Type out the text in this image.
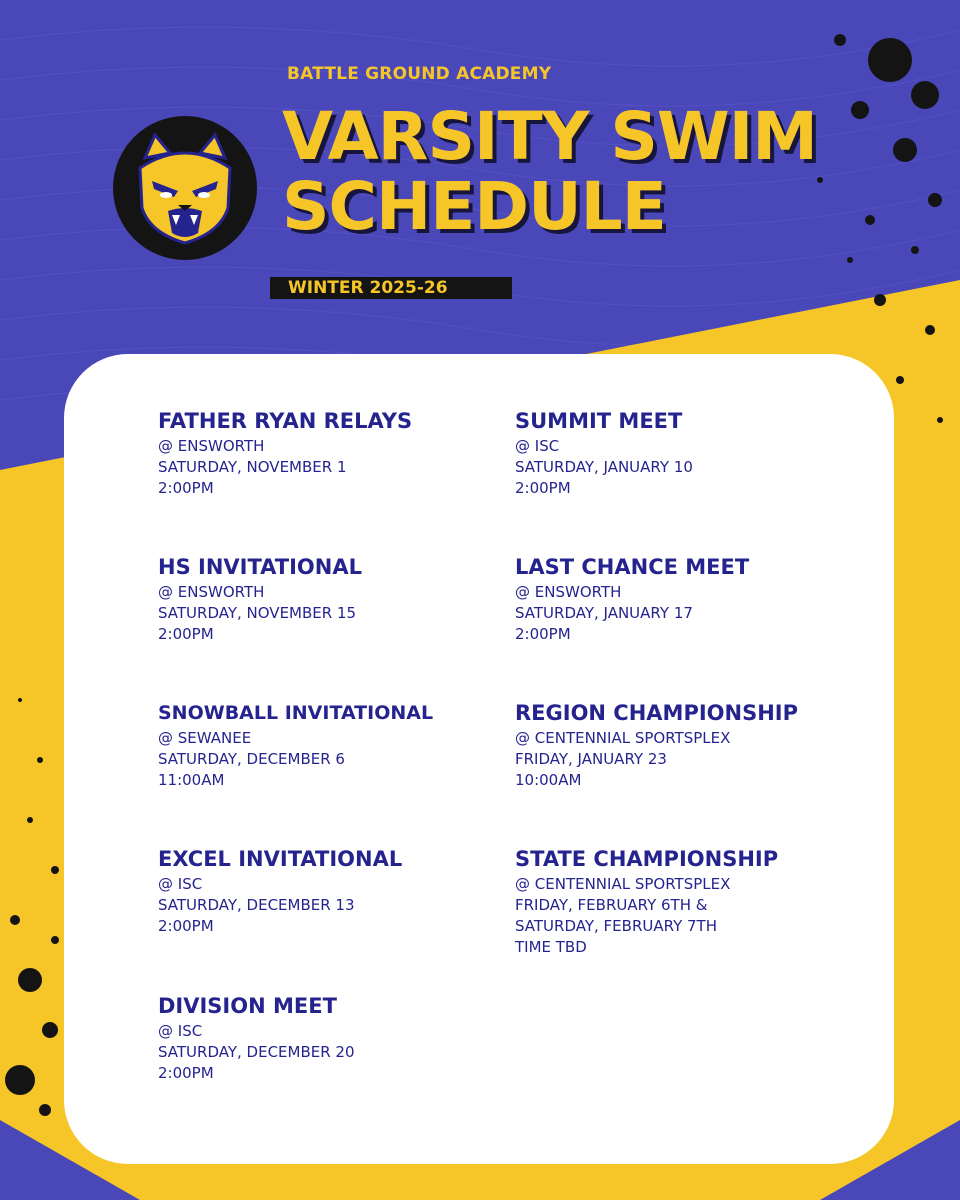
BATTLE GROUND ACADEMY
VARSITY SWIM
SCHEDULE
WINTER 2025-26
FATHER RYAN RELAYS
@ ENSWORTH
SATURDAY, NOVEMBER 1
2:00PM
HS INVITATIONAL
@ ENSWORTH
SATURDAY, NOVEMBER 15
2:00PM
SNOWBALL INVITATIONAL
@ SEWANEE
SATURDAY, DECEMBER 6
11:00AM
EXCEL INVITATIONAL
@ ISC
SATURDAY, DECEMBER 13
2:00PM
DIVISION MEET
@ ISC
SATURDAY, DECEMBER 20
2:00PM
SUMMIT MEET
@ ISC
SATURDAY, JANUARY 10
2:00PM
LAST CHANCE MEET
@ ENSWORTH
SATURDAY, JANUARY 17
2:00PM
REGION CHAMPIONSHIP
@ CENTENNIAL SPORTSPLEX
FRIDAY, JANUARY 23
10:00AM
STATE CHAMPIONSHIP
@ CENTENNIAL SPORTSPLEX
FRIDAY, FEBRUARY 6TH &
SATURDAY, FEBRUARY 7TH
TIME TBD
